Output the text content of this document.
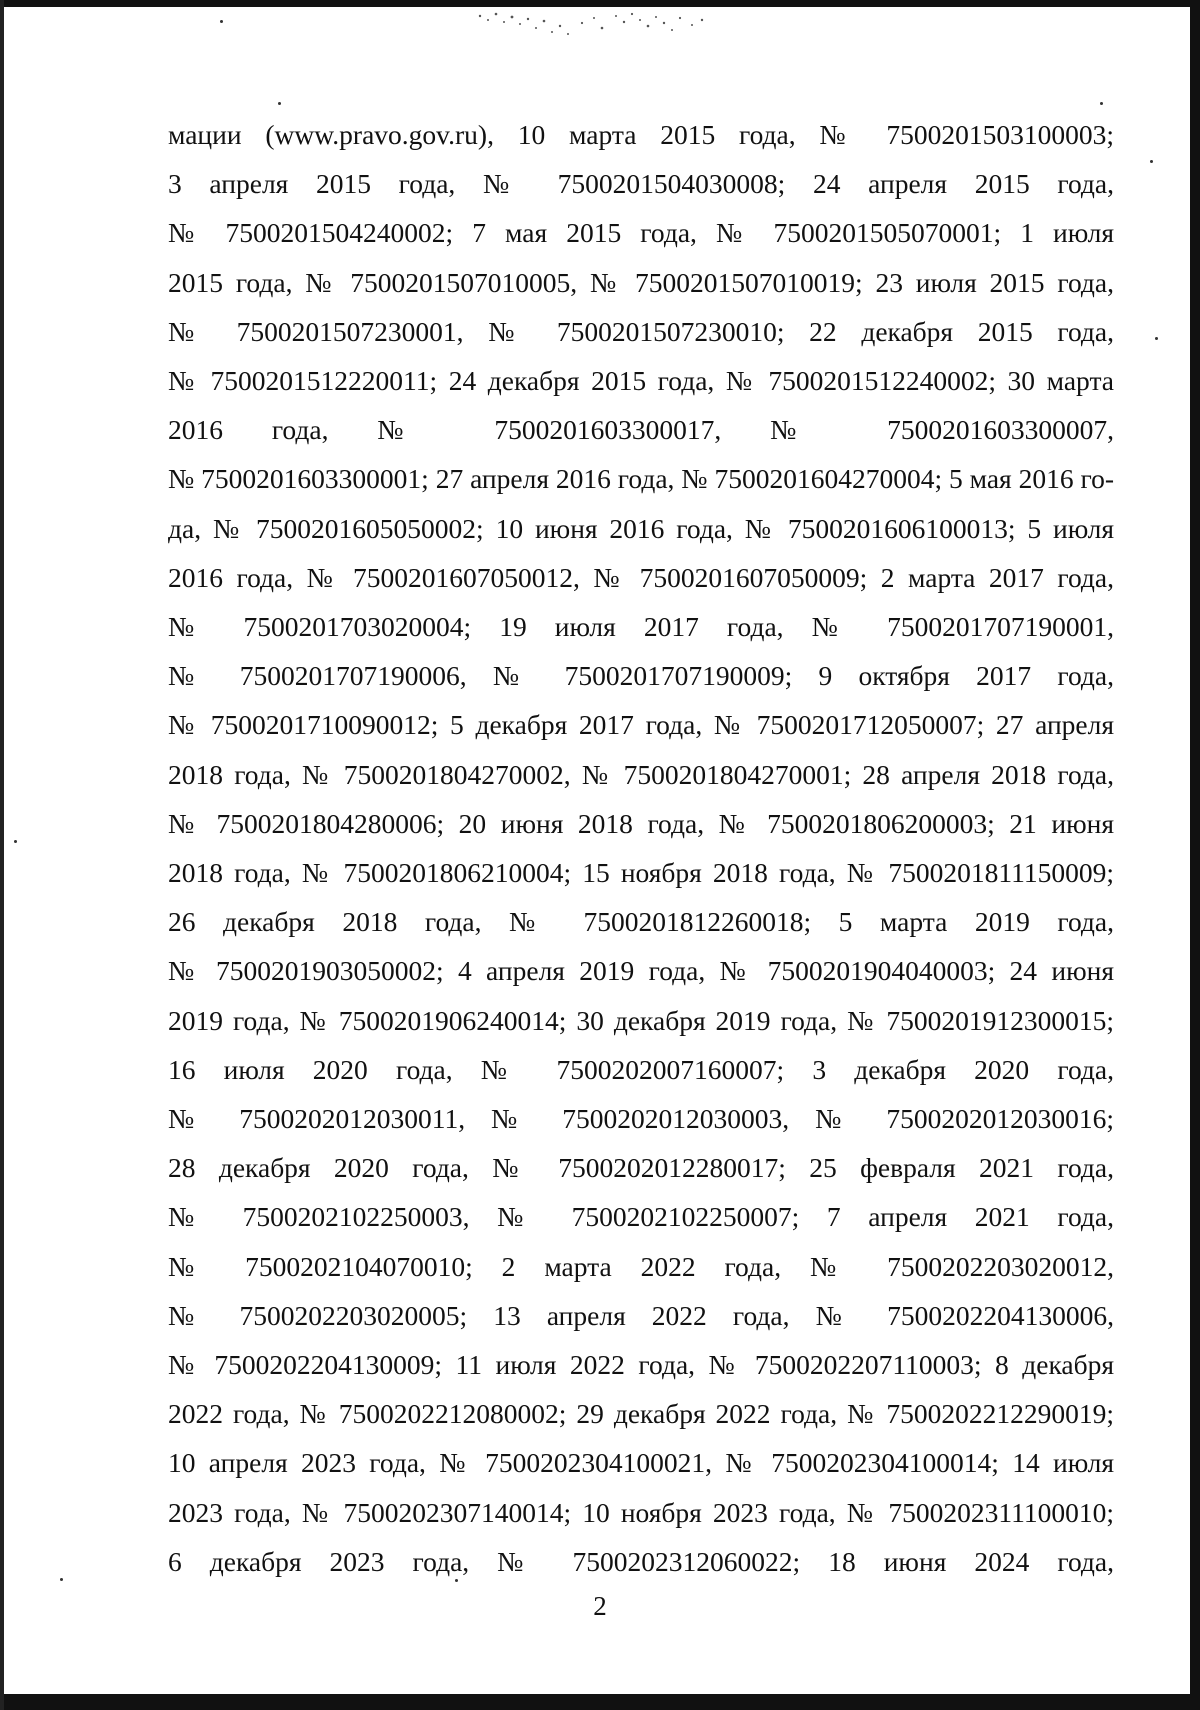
мации (www.pravo.gov.ru), 10 марта 2015 года, № 7500201503100003;
3 апреля 2015 года, № 7500201504030008; 24 апреля 2015 года,
№ 7500201504240002; 7 мая 2015 года, № 7500201505070001; 1 июля
2015 года, № 7500201507010005, № 7500201507010019; 23 июля 2015 года,
№ 7500201507230001, № 7500201507230010; 22 декабря 2015 года,
№ 7500201512220011; 24 декабря 2015 года, № 7500201512240002; 30 марта
2016 года, № 7500201603300017, № 7500201603300007,
№ 7500201603300001; 27 апреля 2016 года, № 7500201604270004; 5 мая 2016 го-
да, № 7500201605050002; 10 июня 2016 года, № 7500201606100013; 5 июля
2016 года, № 7500201607050012, № 7500201607050009; 2 марта 2017 года,
№ 7500201703020004; 19 июля 2017 года, № 7500201707190001,
№ 7500201707190006, № 7500201707190009; 9 октября 2017 года,
№ 7500201710090012; 5 декабря 2017 года, № 7500201712050007; 27 апреля
2018 года, № 7500201804270002, № 7500201804270001; 28 апреля 2018 года,
№ 7500201804280006; 20 июня 2018 года, № 7500201806200003; 21 июня
2018 года, № 7500201806210004; 15 ноября 2018 года, № 7500201811150009;
26 декабря 2018 года, № 7500201812260018; 5 марта 2019 года,
№ 7500201903050002; 4 апреля 2019 года, № 7500201904040003; 24 июня
2019 года, № 7500201906240014; 30 декабря 2019 года, № 7500201912300015;
16 июля 2020 года, № 7500202007160007; 3 декабря 2020 года,
№ 7500202012030011, № 7500202012030003, № 7500202012030016;
28 декабря 2020 года, № 7500202012280017; 25 февраля 2021 года,
№ 7500202102250003, № 7500202102250007; 7 апреля 2021 года,
№ 7500202104070010; 2 марта 2022 года, № 7500202203020012,
№ 7500202203020005; 13 апреля 2022 года, № 7500202204130006,
№ 7500202204130009; 11 июля 2022 года, № 7500202207110003; 8 декабря
2022 года, № 7500202212080002; 29 декабря 2022 года, № 7500202212290019;
10 апреля 2023 года, № 7500202304100021, № 7500202304100014; 14 июля
2023 года, № 7500202307140014; 10 ноября 2023 года, № 7500202311100010;
6 декабря 2023 года, № 7500202312060022; 18 июня 2024 года,
2
